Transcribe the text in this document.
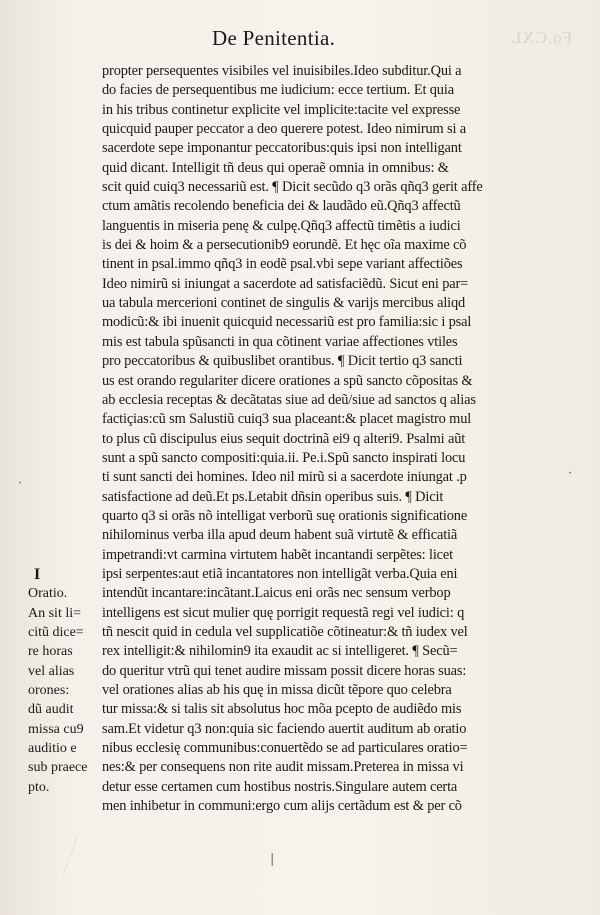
De Penitentia.	Fo.CXL
propter persequentes visibiles vel inuisibiles.Ideo subditur.Qui a
do facies de persequentibus me iudicium: ecce tertium. Et quia
in his tribus continetur explicite vel implicite:tacite vel expresse
quicquid pauper peccator a deo querere potest. Ideo nimirum si a
sacerdote sepe imponantur peccatoribus:quis ipsi non intelligant
quid dicant. Intelligit tñ deus qui operaẽ omnia in omnibus: &
scit quid cuiq3 necessariũ est. ¶ Dicit secũdo q3 orãs qñq3 gerit affe
ctum amãtis recolendo beneficia dei & laudãdo eũ.Qñq3 affectũ
languentis in miseria penę & culpę.Qñq3 affectũ timẽtis a iudici
is dei & hoim & a persecutionib9 eorundẽ. Et hęc oĩa maxime cõ
tinent in psal.immo qñq3 in eodẽ psal.vbi sepe variant affectiões
Ideo nimirũ si iniungat a sacerdote ad satisfaciẽdũ. Sicut eni par=
ua tabula mercerioni continet de singulis & varijs mercibus aliqd
modicũ:& ibi inuenit quicquid necessariũ est pro familia:sic i psal
mis est tabula spũsancti in qua cõtinent variae affectiones vtiles
pro peccatoribus & quibuslibet orantibus. ¶ Dicit tertio q3 sancti
us est orando regulariter dicere orationes a spũ sancto cõpositas &
ab ecclesia receptas & decãtatas siue ad deũ/siue ad sanctos q alias
factiçias:cũ sm Salustiũ cuiq3 sua placeant:& placet magistro mul
to plus cũ discipulus eius sequit doctrinã ei9 q alteri9. Psalmi aũt
sunt a spũ sancto compositi:quia.ii. Pe.i.Spũ sancto inspirati locu
ti sunt sancti dei homines. Ideo nil mirũ si a sacerdote iniungat .p
satisfactione ad deũ.Et ps.Letabit dñsin operibus suis. ¶ Dicit
quarto q3 si orãs nõ intelligat verborũ suę orationis significatione
nihilominus verba illa apud deum habent suã virtutẽ & efficatiã
impetrandi:vt carmina virtutem habẽt incantandi serpẽtes: licet
ipsi serpentes:aut etiã incantatores non intelligãt verba.Quia eni
intendũt incantare:incãtant.Laicus eni orãs nec sensum verbop
intelligens est sicut mulier quę porrigit requestã regi vel iudici: q
tñ nescit quid in cedula vel supplicatiõe cõtineatur:& tñ iudex vel
rex intelligit:& nihilomin9 ita exaudit ac si intelligeret. ¶ Secũ=
do queritur vtrũ qui tenet audire missam possit dicere horas suas:
vel orationes alias ab his quę in missa dicũt tẽpore quo celebra
tur missa:& si talis sit absolutus hoc mõa pcepto de audiẽdo mis
sam.Et videtur q3 non:quia sic faciendo auertit auditum ab oratio
nibus ecclesię communibus:conuertẽdo se ad particulares oratio=
nes:& per consequens non rite audit missam.Preterea in missa vi
detur esse certamen cum hostibus nostris.Singulare autem certa
men inhibetur in communi:ergo cum alijs certãdum est & per cõ
I
Oratio.
An sit li=
citũ dice=
re horas
vel alias
orones:
dũ audit
missa cu9
auditio e
sub praece
pto.
·
|
·
